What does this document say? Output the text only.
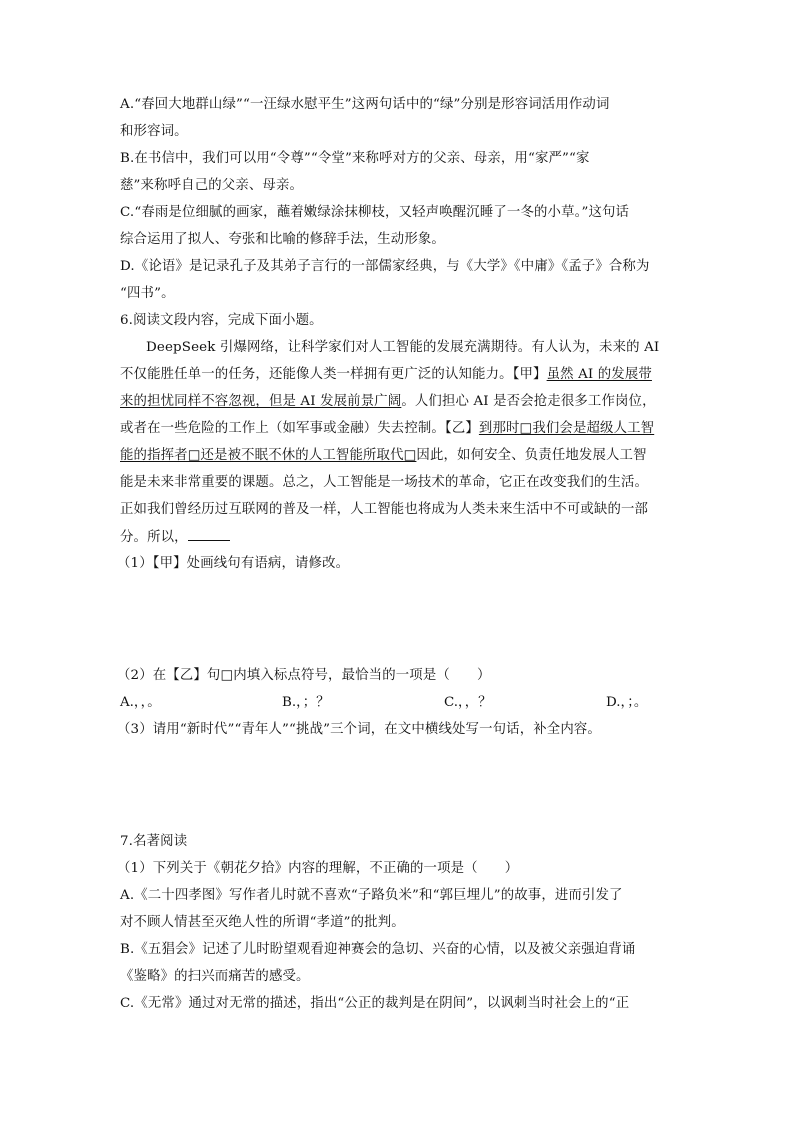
A.“春回大地群山绿”“一汪绿水慰平生”这两句话中的“绿”分别是形容词活用作动词
和形容词。
B.在书信中，我们可以用“令尊”“令堂”来称呼对方的父亲、母亲，用“家严”“家
慈”来称呼自己的父亲、母亲。
C.“春雨是位细腻的画家，蘸着嫩绿涂抹柳枝，又轻声唤醒沉睡了一冬的小草。”这句话
综合运用了拟人、夸张和比喻的修辞手法，生动形象。
D.《论语》是记录孔子及其弟子言行的一部儒家经典，与《大学》《中庸》《孟子》合称为
“四书”。
6.阅读文段内容，完成下面小题。
DeepSeek 引爆网络，让科学家们对人工智能的发展充满期待。有人认为，未来的 AI
不仅能胜任单一的任务，还能像人类一样拥有更广泛的认知能力。【甲】虽然 AI 的发展带
来的担忧同样不容忽视，但是 AI 发展前景广阔。人们担心 AI 是否会抢走很多工作岗位，
或者在一些危险的工作上（如军事或金融）失去控制。【乙】到那时□我们会是超级人工智
能的指挥者□还是被不眠不休的人工智能所取代□因此，如何安全、负责任地发展人工智
能是未来非常重要的课题。总之，人工智能是一场技术的革命，它正在改变我们的生活。
正如我们曾经历过互联网的普及一样，人工智能也将成为人类未来生活中不可或缺的一部
分。所以，
（1）【甲】处画线句有语病，请修改。
（2）在【乙】句□内填入标点符号，最恰当的一项是（　　）
A.，，。	B.，；？	C.，，？	D.，；。
（3）请用“新时代”“青年人”“挑战”三个词，在文中横线处写一句话，补全内容。
7.名著阅读
（1）下列关于《朝花夕拾》内容的理解，不正确的一项是（　　）
A.《二十四孝图》写作者儿时就不喜欢“子路负米”和“郭巨埋儿”的故事，进而引发了
对不顾人情甚至灭绝人性的所谓“孝道”的批判。
B.《五猖会》记述了儿时盼望观看迎神赛会的急切、兴奋的心情，以及被父亲强迫背诵
《鉴略》的扫兴而痛苦的感受。
C.《无常》通过对无常的描述，指出“公正的裁判是在阴间”，以讽刺当时社会上的“正
